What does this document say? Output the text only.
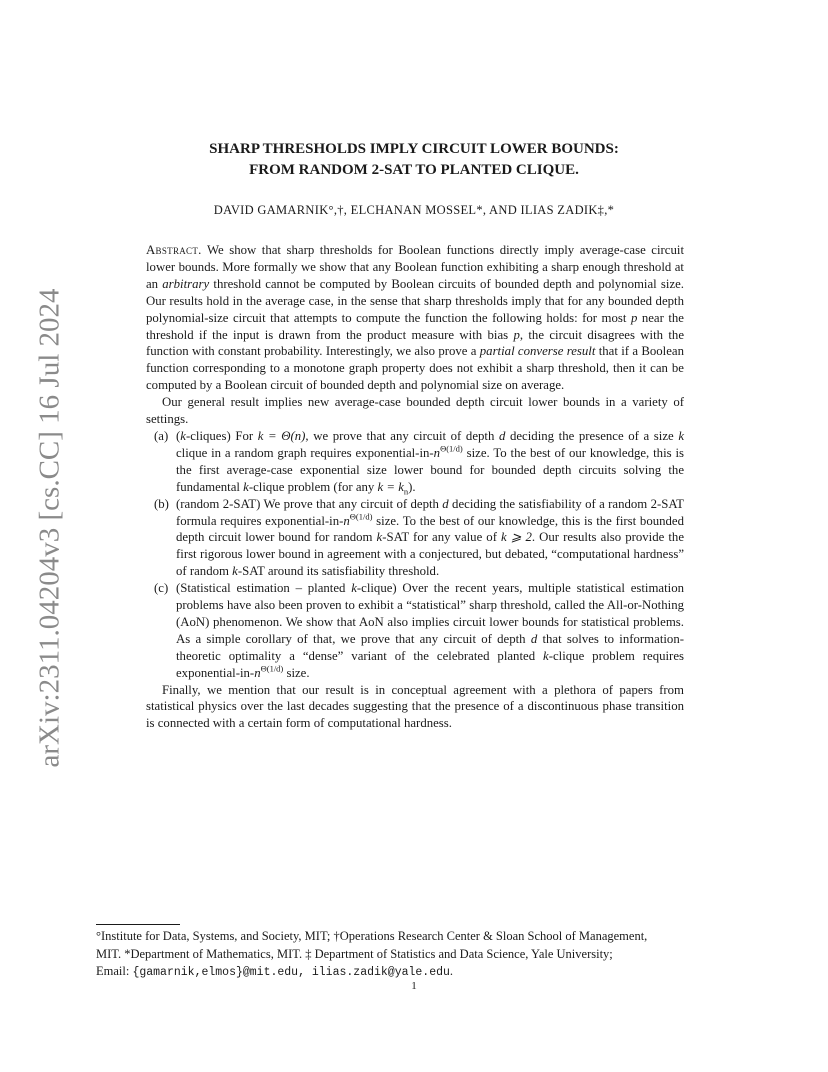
SHARP THRESHOLDS IMPLY CIRCUIT LOWER BOUNDS:
FROM RANDOM 2-SAT TO PLANTED CLIQUE.
DAVID GAMARNIK°,†, ELCHANAN MOSSEL*, AND ILIAS ZADIK‡,*
arXiv:2311.04204v3 [cs.CC] 16 Jul 2024

Abstract. We show that sharp thresholds for Boolean functions directly imply average-case circuit lower bounds. More formally we show that any Boolean function exhibiting a sharp enough threshold at an arbitrary threshold cannot be computed by Boolean circuits of bounded depth and polynomial size. Our results hold in the average case, in the sense that sharp thresholds imply that for any bounded depth polynomial-size circuit that attempts to compute the function the following holds: for most p near the threshold if the input is drawn from the product measure with bias p, the circuit disagrees with the function with constant probability. Interestingly, we also prove a partial converse result that if a Boolean function corresponding to a monotone graph property does not exhibit a sharp threshold, then it can be computed by a Boolean circuit of bounded depth and polynomial size on average.

Our general result implies new average-case bounded depth circuit lower bounds in a variety of settings.

(a) (k-cliques) For k = Θ(n), we prove that any circuit of depth d deciding the presence of a size k clique in a random graph requires exponential-$in-n^{\Theta(1/d)}$ size. To the best of our knowledge, this is the first average-case exponential size lower bound for bounded depth circuits solving the fundamental k-clique problem (for any $k = k_n$).
(b) (random 2-SAT) We prove that any circuit of depth d deciding the satisfiability of a random 2-SAT formula requires exponential-$in-n^{\Theta(1/d)}$ size. To the best of our knowledge, this is the first bounded depth circuit lower bound for random k-SAT for any value of k ⩾ 2. Our results also provide the first rigorous lower bound in agreement with a conjectured, but debated, “computational hardness” of random k-SAT around its satisfiability threshold.
(c) (Statistical estimation – planted k-clique) Over the recent years, multiple statistical estimation problems have also been proven to exhibit a “statistical” sharp threshold, called the All-or-Nothing (AoN) phenomenon. We show that AoN also implies circuit lower bounds for statistical problems. As a simple corollary of that, we prove that any circuit of depth d that solves to information-theoretic optimality a “dense” variant of the celebrated planted k-clique problem requires exponential-$in-n^{\Theta(1/d)}$ size.

Finally, we mention that our result is in conceptual agreement with a plethora of papers from statistical physics over the last decades suggesting that the presence of a discontinuous phase transition is connected with a certain form of computational hardness.

°Institute for Data, Systems, and Society, MIT; †Operations Research Center & Sloan School of Management,

MIT. *Department of Mathematics, MIT. ‡ Department of Statistics and Data Science, Yale University;

Email: {gamarnik,elmos}@mit.edu, ilias.zadik@yale.edu.

1
